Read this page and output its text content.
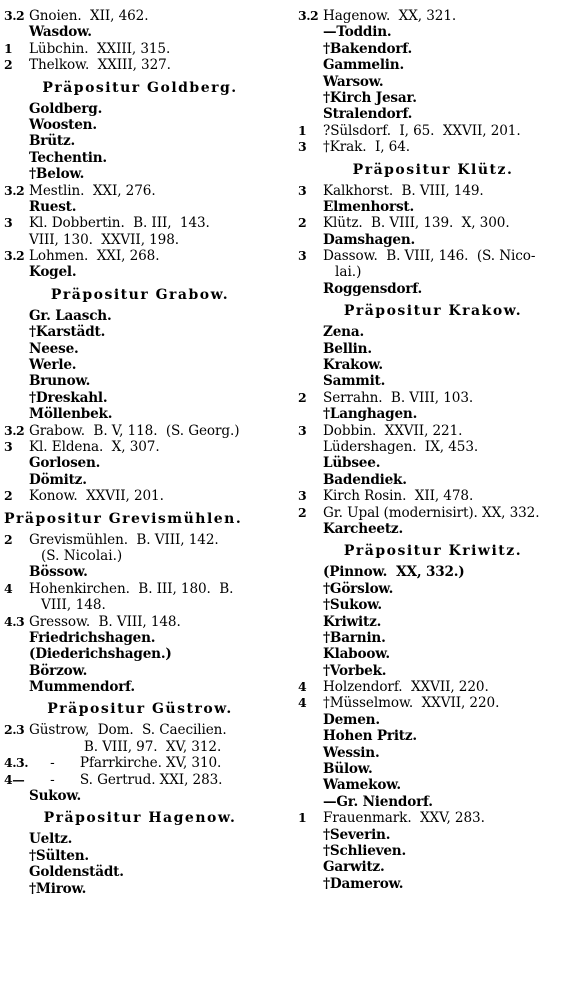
3.2 Gnoien.  XII, 462.
Wasdow.
1	Lübchin.  XXIII, 315.
2	Thelkow.  XXIII, 327.
Präpositur Goldberg.
Goldberg.
Woosten.
Brütz.
Techentin.
†Below.
3.2 Mestlin.  XXI, 276.
Ruest.
3	Kl. Dobbertin.  B. III,  143.
VIII, 130.  XXVII, 198.
3.2 Lohmen.  XXI, 268.
Kogel.
Präpositur Grabow.
Gr. Laasch.
†Karstädt.
Neese.
Werle.
Brunow.
†Dreskahl.
Möllenbek.
3.2 Grabow.  B. V, 118.  (S. Georg.)
3	Kl. Eldena.  X, 307.
Gorlosen.
Dömitz.
2	Konow.  XXVII, 201.
Präpositur Grevismühlen.
2	Grevismühlen.  B. VIII, 142.
(S. Nicolai.)
Bössow.
4	Hohenkirchen.  B. III, 180.  B.
VIII, 148.
4.3 Gressow.  B. VIII, 148.
Friedrichshagen.
(Diederichshagen.)
Börzow.
Mummendorf.
Präpositur Güstrow.
2.3 Güstrow,  Dom.  S. Caecilien.
B. VIII, 97.  XV, 312.
4.3. -      Pfarrkirche. XV, 310.
4— -      S. Gertrud. XXI, 283.
Sukow.
Präpositur Hagenow.
Ueltz.
†Sülten.
Goldenstädt.
†Mirow.
3.2 Hagenow.  XX, 321.
—Toddin.
†Bakendorf.
Gammelin.
Warsow.
†Kirch Jesar.
Stralendorf.
1	?Sülsdorf.  I, 65.  XXVII, 201.
3	†Krak.  I, 64.
Präpositur Klütz.
3	Kalkhorst.  B. VIII, 149.
Elmenhorst.
2	Klütz.  B. VIII, 139.  X, 300.
Damshagen.
3	Dassow.  B. VIII, 146.  (S. Nico-
lai.)
Roggensdorf.
Präpositur Krakow.
Zena.
Bellin.
Krakow.
Sammit.
2	Serrahn.  B. VIII, 103.
†Langhagen.
3	Dobbin.  XXVII, 221.
Lüdershagen.  IX, 453.
Lübsee.
Badendiek.
3	Kirch Rosin.  XII, 478.
2	Gr. Upal (modernisirt). XX, 332.
Karcheetz.
Präpositur Kriwitz.
(Pinnow.  XX, 332.)
†Görslow.
†Sukow.
Kriwitz.
†Barnin.
Klaboow.
†Vorbek.
4	Holzendorf.  XXVII, 220.
4	†Müsselmow.  XXVII, 220.
Demen.
Hohen Pritz.
Wessin.
Bülow.
Wamekow.
—Gr. Niendorf.
1	Frauenmark.  XXV, 283.
†Severin.
†Schlieven.
Garwitz.
†Damerow.
